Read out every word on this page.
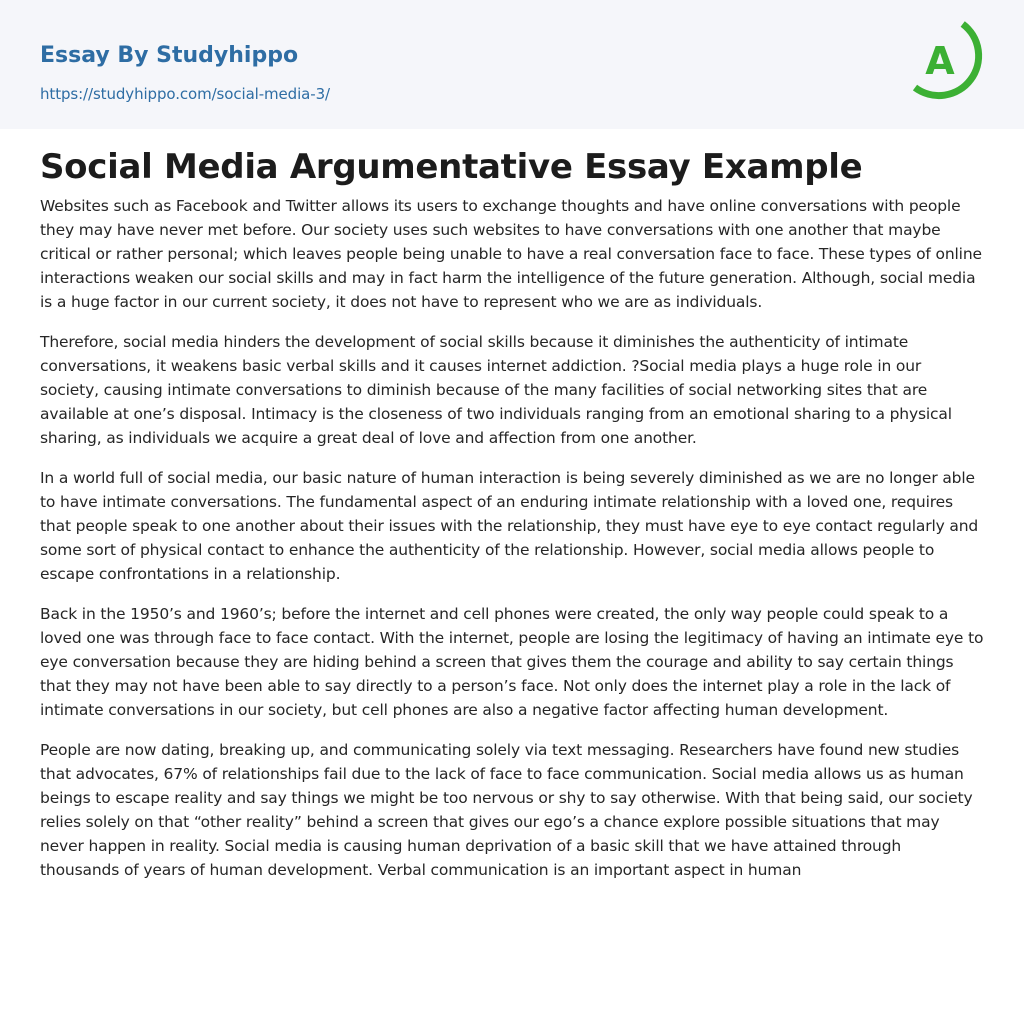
Essay By Studyhippo
https://studyhippo.com/social-media-3/
A
Social Media Argumentative Essay Example

Websites such as Facebook and Twitter allows its users to exchange thoughts and have online conversations with people they may have never met before. Our society uses such websites to have conversations with one another that maybe critical or rather personal; which leaves people being unable to have a real conversation face to face. These types of online interactions weaken our social skills and may in fact harm the intelligence of the future generation. Although, social media is a huge factor in our current society, it does not have to represent who we are as individuals.

Therefore, social media hinders the development of social skills because it diminishes the authenticity of intimate conversations, it weakens basic verbal skills and it causes internet addiction. ?Social media plays a huge role in our society, causing intimate conversations to diminish because of the many facilities of social networking sites that are available at one’s disposal. Intimacy is the closeness of two individuals ranging from an emotional sharing to a physical sharing, as individuals we acquire a great deal of love and affection from one another.

In a world full of social media, our basic nature of human interaction is being severely diminished as we are no longer able to have intimate conversations. The fundamental aspect of an enduring intimate relationship with a loved one, requires that people speak to one another about their issues with the relationship, they must have eye to eye contact regularly and some sort of physical contact to enhance the authenticity of the relationship. However, social media allows people to escape confrontations in a relationship.

Back in the 1950’s and 1960’s; before the internet and cell phones were created, the only way people could speak to a loved one was through face to face contact. With the internet, people are losing the legitimacy of having an intimate eye to eye conversation because they are hiding behind a screen that gives them the courage and ability to say certain things that they may not have been able to say directly to a person’s face. Not only does the internet play a role in the lack of intimate conversations in our society, but cell phones are also a negative factor affecting human development.

People are now dating, breaking up, and communicating solely via text messaging. Researchers have found new studies that advocates, 67% of relationships fail due to the lack of face to face communication. Social media allows us as human beings to escape reality and say things we might be too nervous or shy to say otherwise. With that being said, our society relies solely on that “other reality” behind a screen that gives our ego’s a chance explore possible situations that may never happen in reality. Social media is causing human deprivation of a basic skill that we have attained through thousands of years of human development. Verbal communication is an important aspect in human
